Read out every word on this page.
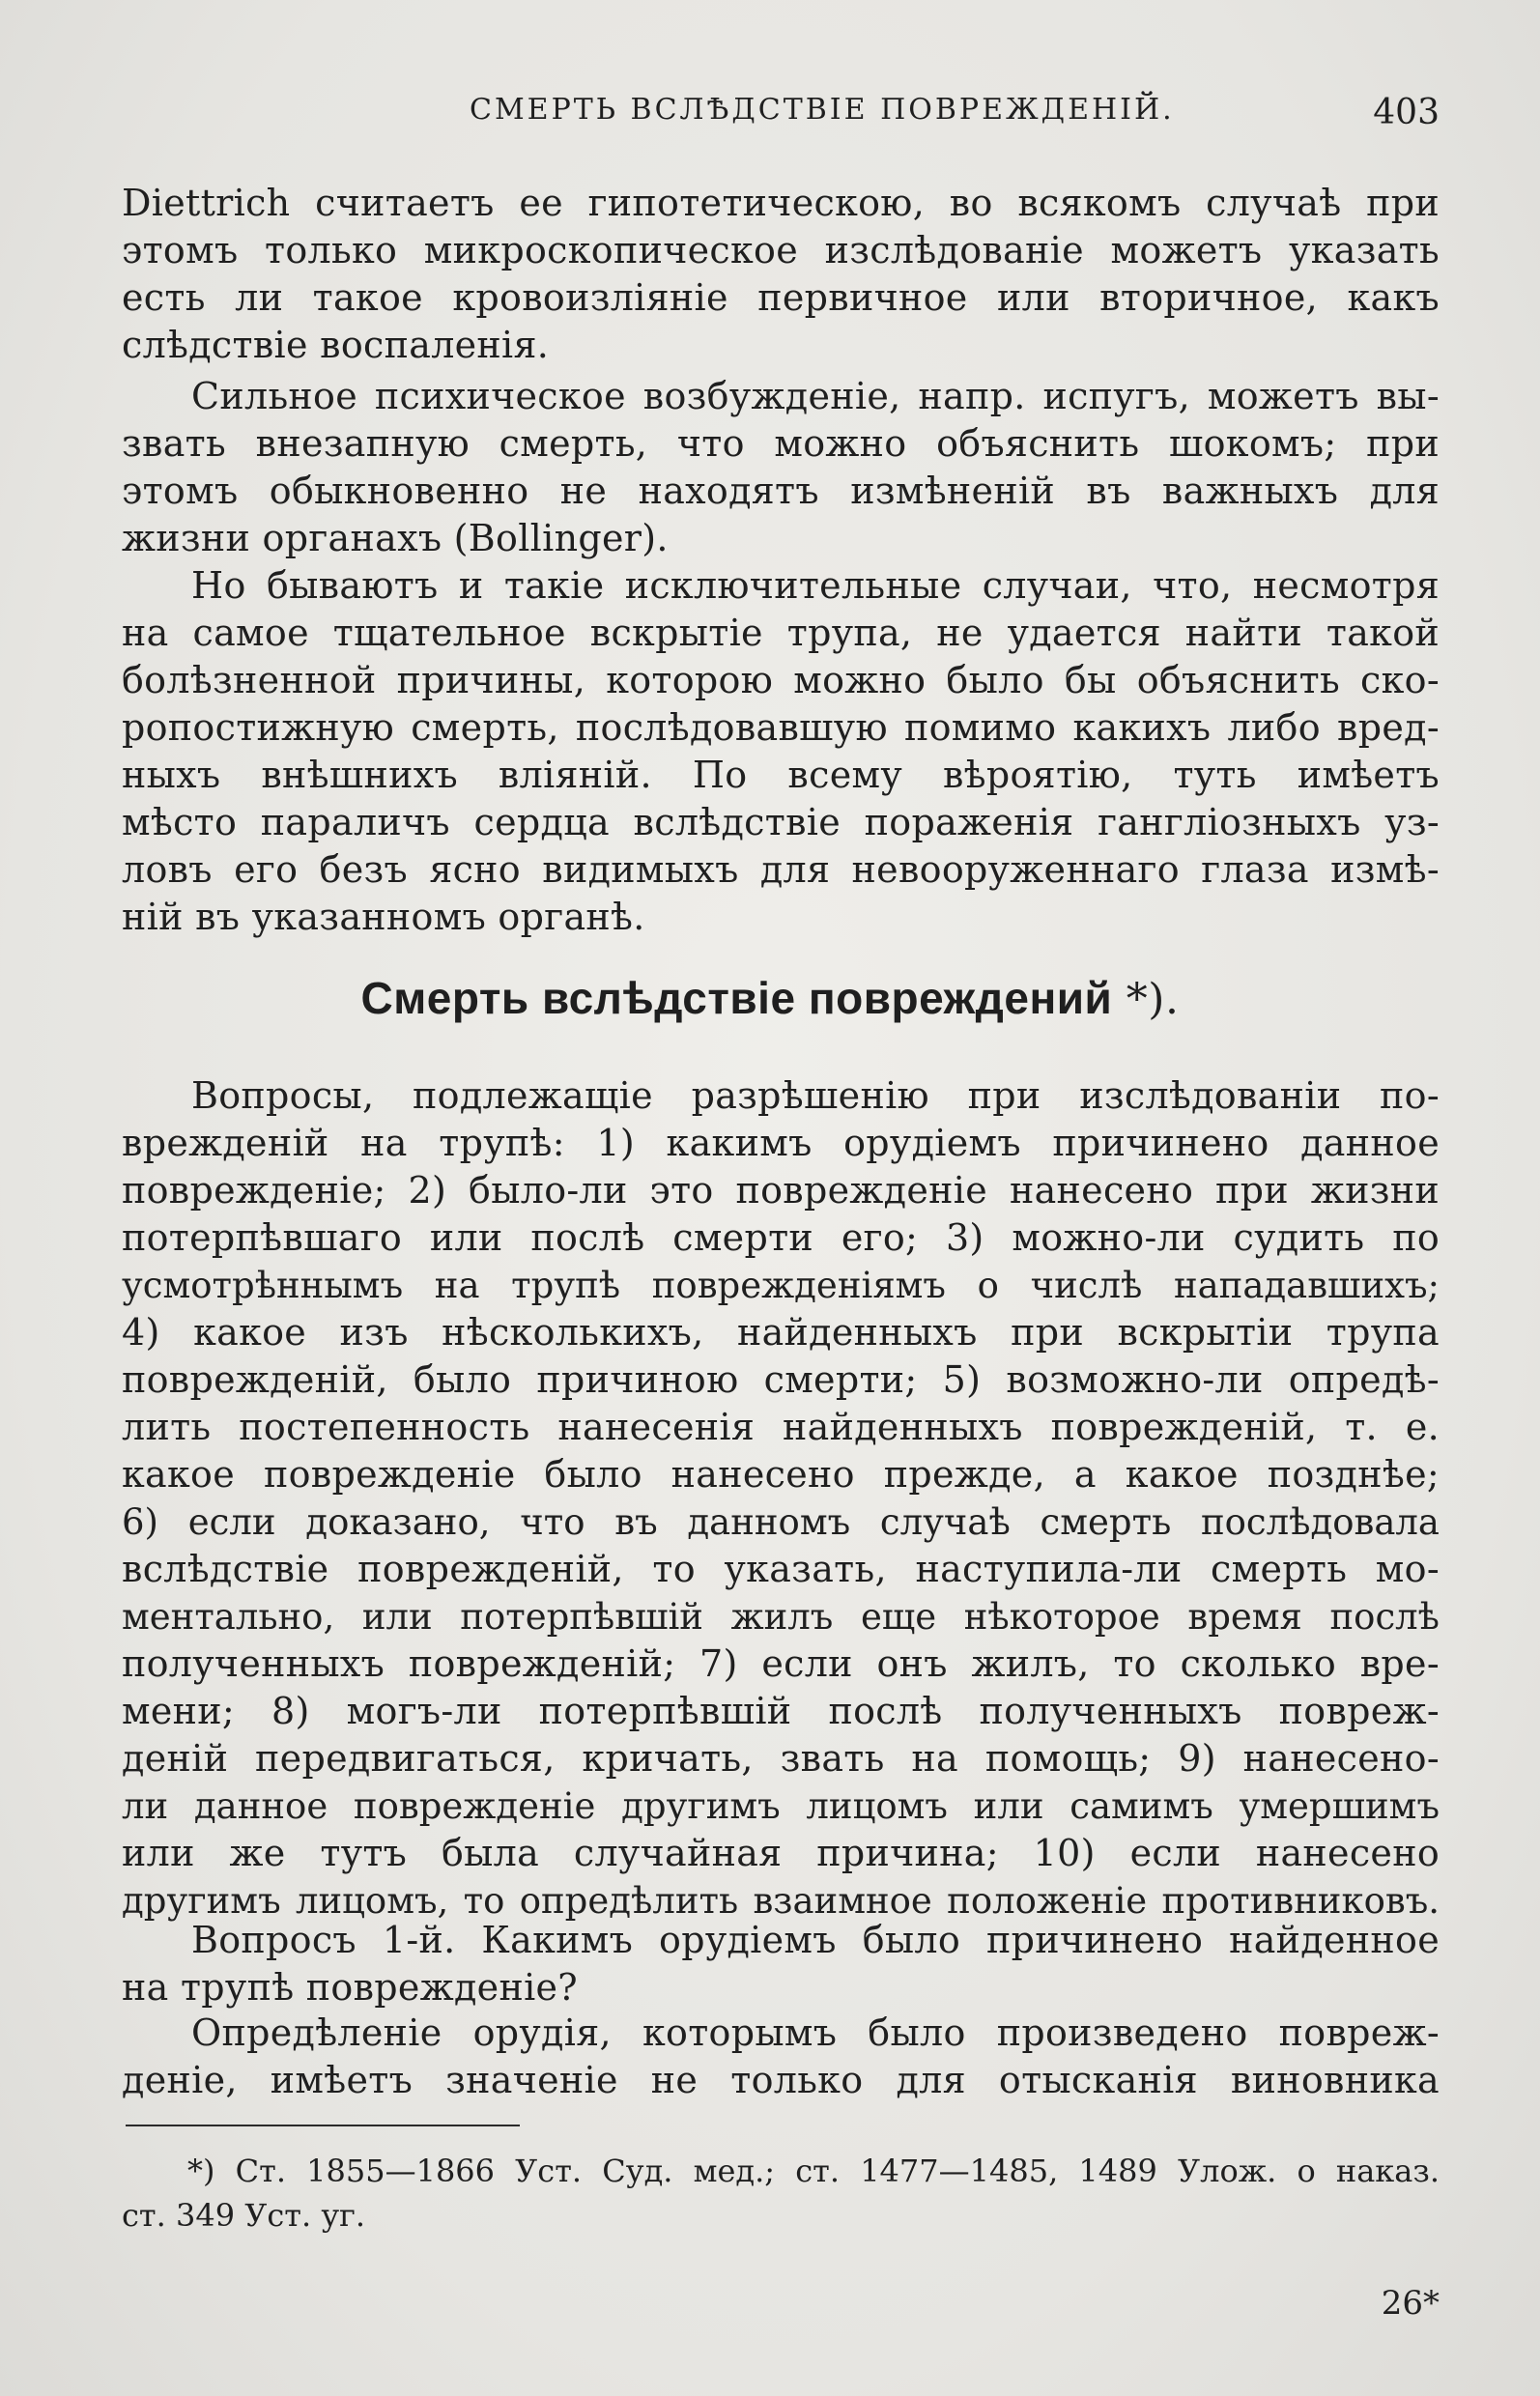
СМЕРТЬ ВСЛѢДСТВІЕ ПОВРЕЖДЕНІЙ.	403
Diettrich считаетъ ее гипотетическою, во всякомъ случаѣ при
этомъ только микроскопическое изслѣдованіе можетъ указать
есть ли такое кровоизліяніе первичное или вторичное, какъ
слѣдствіе воспаленія.
Сильное психическое возбужденіе, напр. испугъ, можетъ вы-
звать внезапную смерть, что можно объяснить шокомъ; при
этомъ обыкновенно не находятъ измѣненій въ важныхъ для
жизни органахъ (Bollinger).
Но бываютъ и такіе исключительные случаи, что, несмотря
на самое тщательное вскрытіе трупа, не удается найти такой
болѣзненной причины, которою можно было бы объяснить ско-
ропостижную смерть, послѣдовавшую помимо какихъ либо вред-
ныхъ внѣшнихъ вліяній. По всему вѣроятію, туть имѣетъ
мѣсто параличъ сердца вслѣдствіе пораженія ганглiозныхъ уз-
ловъ его безъ ясно видимыхъ для невооруженнаго глаза измѣ-
ній въ указанномъ органѣ.
Смерть вслѣдствіе повреждений *).
Вопросы, подлежащіе разрѣшенію при изслѣдованіи по-
врежденій на трупѣ: 1) какимъ орудіемъ причинено данное
поврежденіе; 2) было-ли это поврежденіе нанесено при жизни
потерпѣвшаго или послѣ смерти его; 3) можно-ли судить по
усмотрѣннымъ на трупѣ поврежденіямъ о числѣ нападавшихъ;
4) какое изъ нѣсколькихъ, найденныхъ при вскрытіи трупа
поврежденій, было причиною смерти; 5) возможно-ли опредѣ-
лить постепенность нанесенія найденныхъ поврежденій, т. е.
какое поврежденіе было нанесено прежде, а какое позднѣе;
6) если доказано, что въ данномъ случаѣ смерть послѣдовала
вслѣдствіе поврежденій, то указать, наступила-ли смерть мо-
ментально, или потерпѣвшій жилъ еще нѣкоторое время послѣ
полученныхъ поврежденій; 7) если онъ жилъ, то сколько вре-
мени; 8) могъ-ли потерпѣвшій послѣ полученныхъ повреж-
деній передвигаться, кричать, звать на помощь; 9) нанесено-
ли данное поврежденіе другимъ лицомъ или самимъ умершимъ
или же тутъ была случайная причина; 10) если нанесено
другимъ лицомъ, то опредѣлить взаимное положеніе противниковъ.
Вопросъ 1-й. Какимъ орудіемъ было причинено найденное
на трупѣ поврежденіе?
Опредѣленіе орудія, которымъ было произведено повреж-
деніе, имѣетъ значеніе не только для отысканія виновника
*) Ст. 1855—1866 Уст. Суд. мед.; ст. 1477—1485, 1489 Улож. о наказ.
ст. 349 Уст. уг.
26*
